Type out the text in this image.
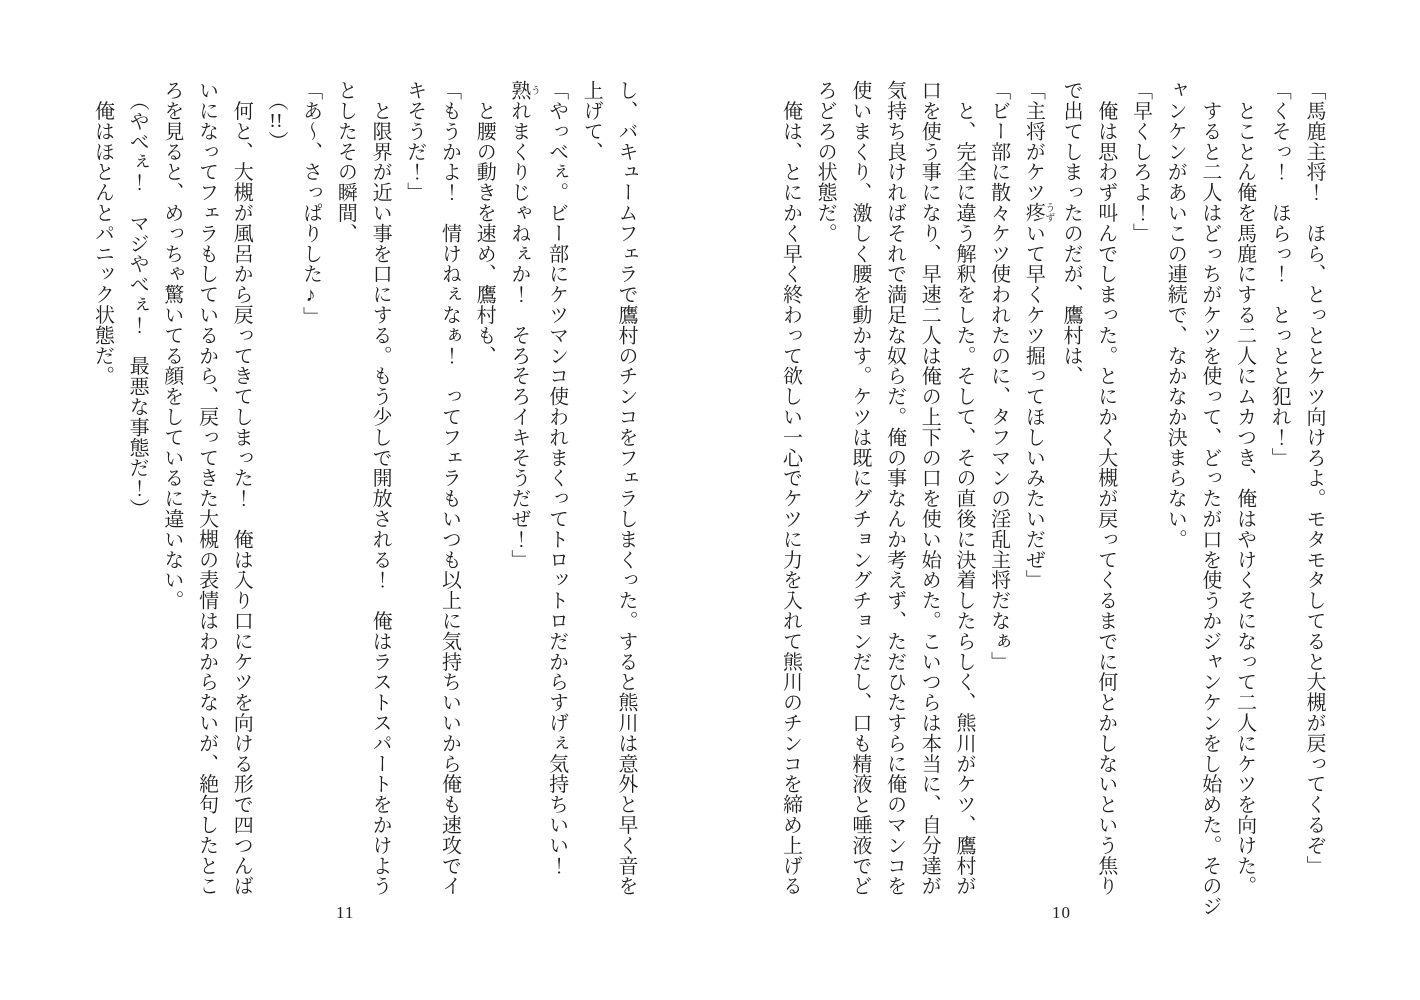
「馬鹿主将！　ほら、とっととケツ向けろよ。モタモタしてると大槻が戻ってくるぞ」

「くそっ！　ほらっ！　とっとと犯れ！」

　とことん俺を馬鹿にする二人にムカつき、俺はやけくそになって二人にケツを向けた。

　すると二人はどっちがケツを使って、どったが口を使うかジャンケンをし始めた。そのジ

ャンケンがあいこの連続で、なかなか決まらない。

「早くしろよ！」

　俺は思わず叫んでしまった。とにかく大槻が戻ってくるまでに何とかしないという焦り

で出てしまったのだが、鷹村は、

「主将がケツ疼うずいて早くケツ掘ってほしいみたいだぜ」

「ビー部に散々ケツ使われたのに、タフマンの淫乱主将だなぁ」

　と、完全に違う解釈をした。そして、その直後に決着したらしく、熊川がケツ、鷹村が

口を使う事になり、早速二人は俺の上下の口を使い始めた。こいつらは本当に、自分達が

気持ち良ければそれで満足な奴らだ。俺の事なんか考えず、ただひたすらに俺のマンコを

使いまくり、激しく腰を動かす。ケツは既にグチョングチョンだし、口も精液と唾液でど

ろどろの状態だ。

　俺は、とにかく早く終わって欲しい一心でケツに力を入れて熊川のチンコを締め上げる

し、バキュームフェラで鷹村のチンコをフェラしまくった。すると熊川は意外と早く音を

上げて、

「やっべぇ。ビー部にケツマンコ使われまくってトロットロだからすげぇ気持ちいい！

熟うれまくりじゃねぇか！　そろそろイキそうだぜ！」

　と腰の動きを速め、鷹村も、

「もうかよ！　情けねぇなぁ！　ってフェラもいつも以上に気持ちいいから俺も速攻でイ

キそうだ！」

　と限界が近い事を口にする。もう少しで開放される！　俺はラストスパートをかけよう

としたその瞬間、

「あ〜、さっぱりした♪」

　（!!）

　何と、大槻が風呂から戻ってきてしまった！　俺は入り口にケツを向ける形で四つんば

いになってフェラもしているから、戻ってきた大槻の表情はわからないが、絶句したとこ

ろを見ると、めっちゃ驚いてる顔をしているに違いない。

　（やべぇ！　マジやべぇ！　最悪な事態だ！）

　俺はほとんとパニック状態だ。

10
11
